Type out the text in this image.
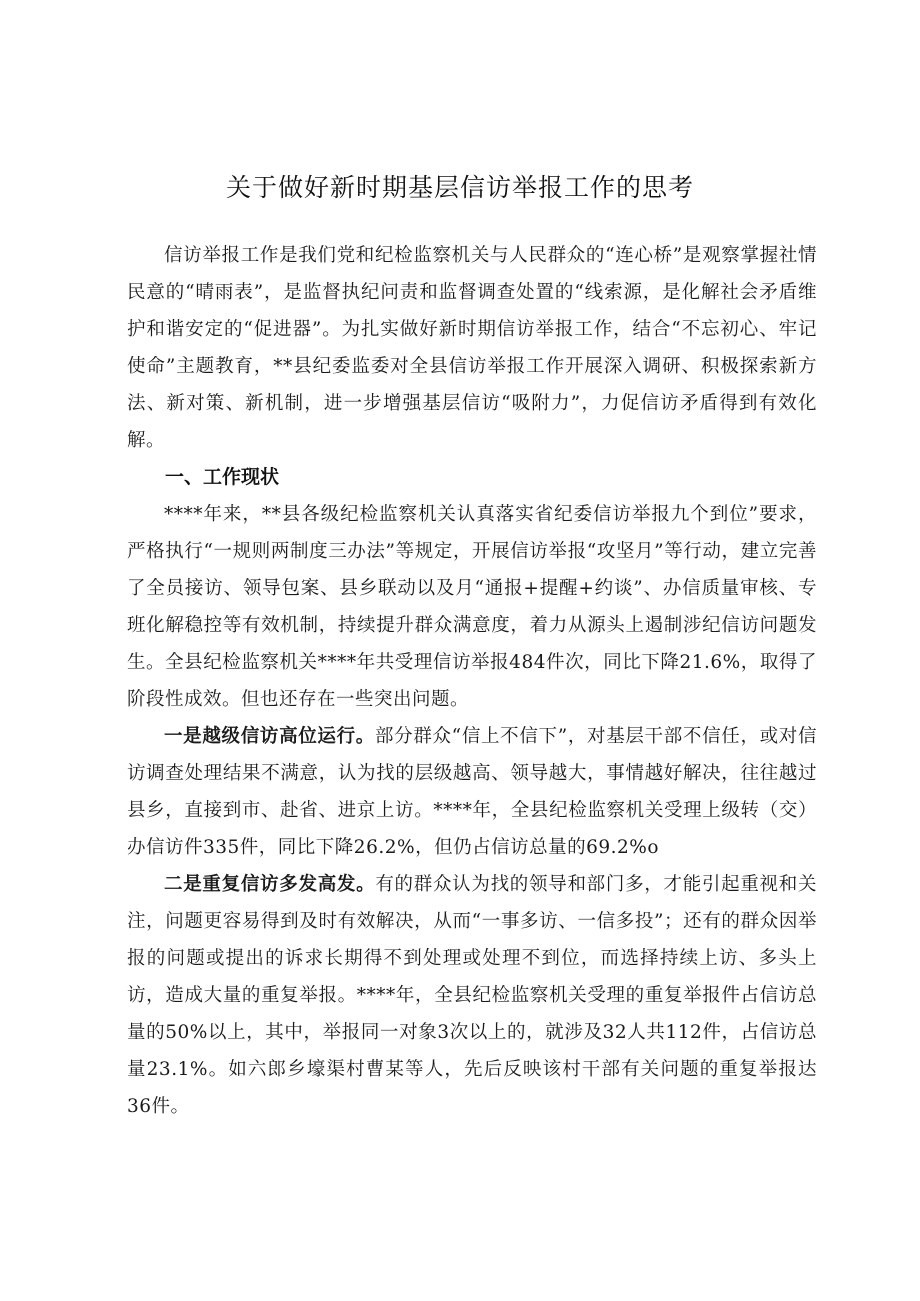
关于做好新时期基层信访举报工作的思考

信访举报工作是我们党和纪检监察机关与人民群众的“连心桥”是观察掌握社情民意的“晴雨表”，是监督执纪问责和监督调查处置的“线索源，是化解社会矛盾维护和谐安定的“促进器”。为扎实做好新时期信访举报工作，结合“不忘初心、牢记使命”主题教育，**县纪委监委对全县信访举报工作开展深入调研、积极探索新方法、新对策、新机制，进一步增强基层信访“吸附力”，力促信访矛盾得到有效化解。

一、工作现状

****年来，**县各级纪检监察机关认真落实省纪委信访举报九个到位”要求，严格执行“一规则两制度三办法”等规定，开展信访举报“攻坚月”等行动，建立完善了全员接访、领导包案、县乡联动以及月“通报+提醒+约谈”、办信质量审核、专班化解稳控等有效机制，持续提升群众满意度，着力从源头上遏制涉纪信访问题发生。全县纪检监察机关****年共受理信访举报484件次，同比下降21.6%，取得了阶段性成效。但也还存在一些突出问题。

一是越级信访高位运行。部分群众“信上不信下”，对基层干部不信任，或对信访调查处理结果不满意，认为找的层级越高、领导越大，事情越好解决，往往越过县乡，直接到市、赴省、进京上访。****年，全县纪检监察机关受理上级转（交）办信访件335件，同比下降26.2%，但仍占信访总量的69.2%o

二是重复信访多发高发。有的群众认为找的领导和部门多，才能引起重视和关注，问题更容易得到及时有效解决，从而“一事多访、一信多投”；还有的群众因举报的问题或提出的诉求长期得不到处理或处理不到位，而选择持续上访、多头上访，造成大量的重复举报。****年，全县纪检监察机关受理的重复举报件占信访总量的50%以上，其中，举报同一对象3次以上的，就涉及32人共112件，占信访总量23.1%。如六郎乡壕渠村曹某等人，先后反映该村干部有关问题的重复举报达36件。
